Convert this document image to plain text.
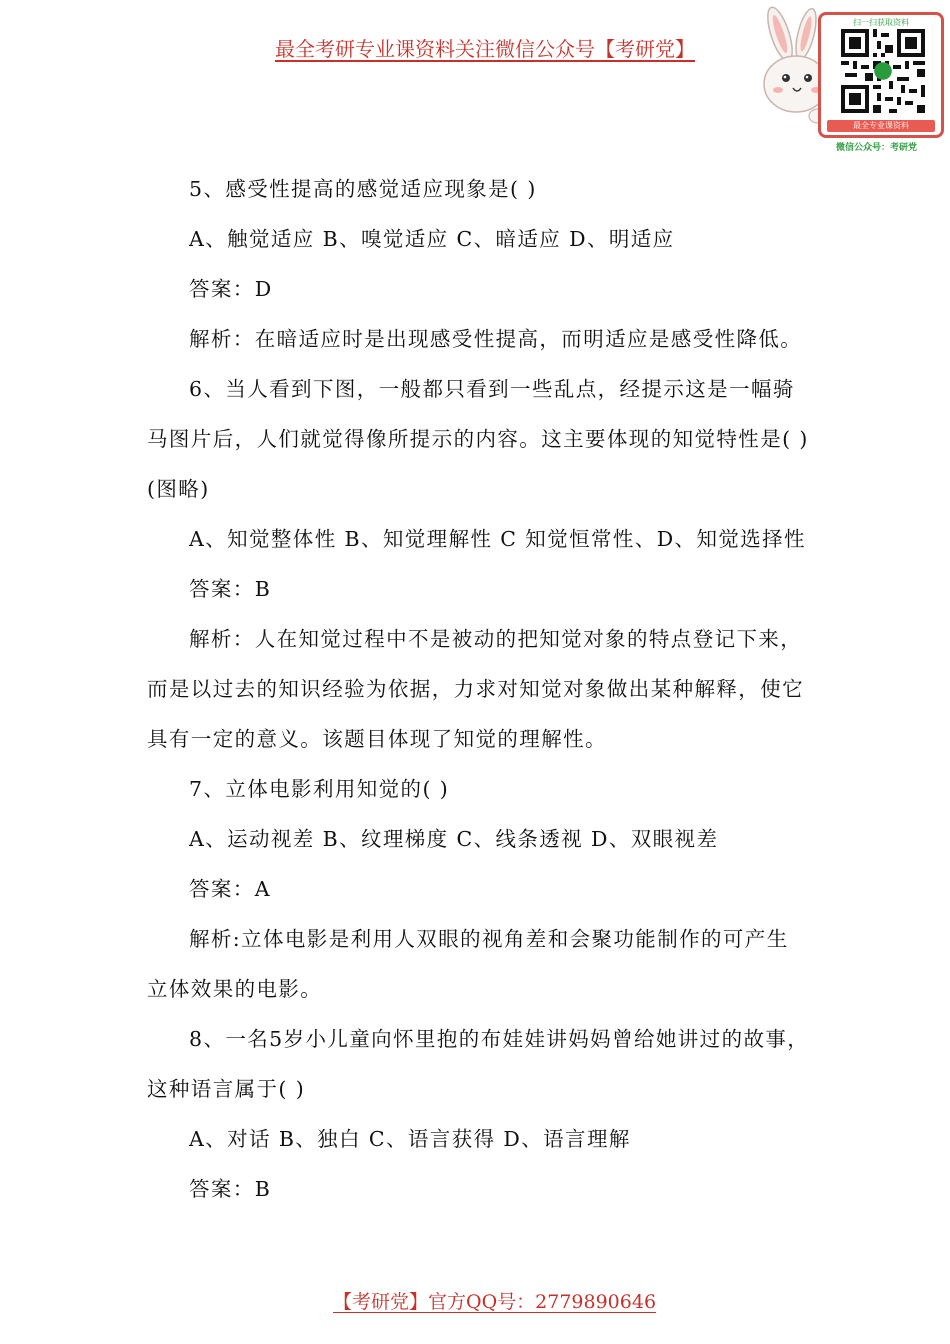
最全考研专业课资料关注微信公众号【考研党】
扫一扫获取资料
最全专业课资料
微信公众号：考研党
5、感受性提高的感觉适应现象是( )
A、触觉适应 B、嗅觉适应 C、暗适应 D、明适应
答案：D
解析：在暗适应时是出现感受性提高，而明适应是感受性降低。
6、当人看到下图，一般都只看到一些乱点，经提示这是一幅骑
马图片后，人们就觉得像所提示的内容。这主要体现的知觉特性是( )
(图略)
A、知觉整体性 B、知觉理解性 C 知觉恒常性、D、知觉选择性
答案：B
解析：人在知觉过程中不是被动的把知觉对象的特点登记下来，
而是以过去的知识经验为依据，力求对知觉对象做出某种解释，使它
具有一定的意义。该题目体现了知觉的理解性。
7、立体电影利用知觉的( )
A、运动视差 B、纹理梯度 C、线条透视 D、双眼视差
答案：A
解析:立体电影是利用人双眼的视角差和会聚功能制作的可产生
立体效果的电影。
8、一名5岁小儿童向怀里抱的布娃娃讲妈妈曾给她讲过的故事，
这种语言属于( )
A、对话 B、独白 C、语言获得 D、语言理解
答案：B
【考研党】官方QQ号：2779890646
